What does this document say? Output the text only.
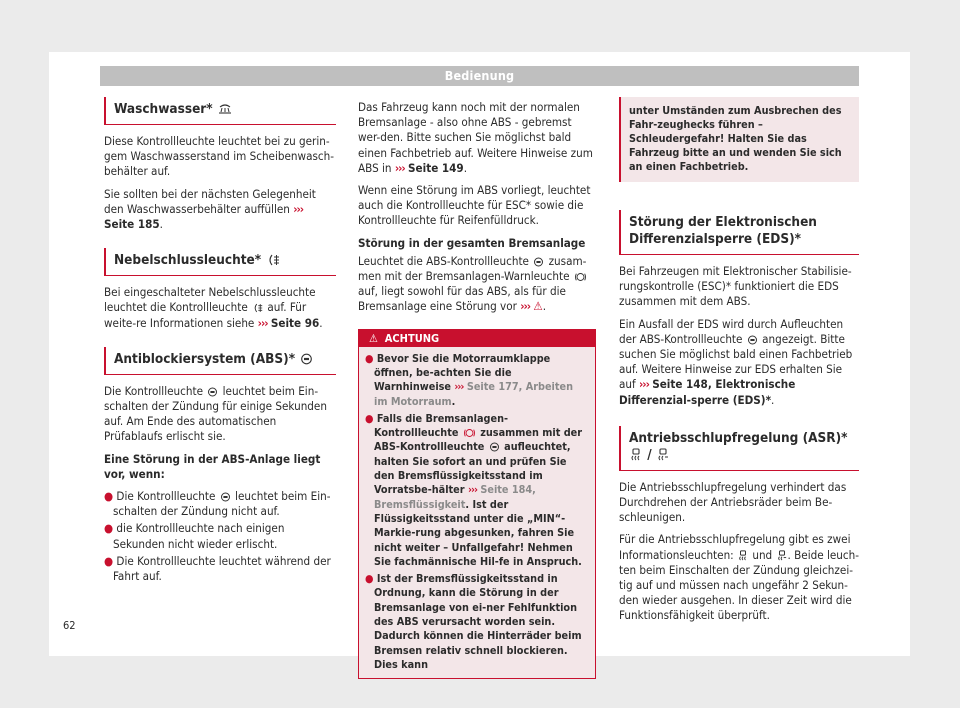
Bedienung
Waschwasser*

Diese Kontrollleuchte leuchtet bei zu gerin-gem Waschwasserstand im Scheibenwasch-behälter auf.

Sie sollten bei der nächsten Gelegenheit den Waschwasserbehälter auffüllen ››› Seite 185.

Nebelschlussleuchte*

Bei eingeschalteter Nebelschlussleuchte leuchtet die Kontrollleuchte auf. Für weite-re Informationen siehe ››› Seite 96.

Antiblockiersystem (ABS)*

Die Kontrollleuchte leuchtet beim Ein-schalten der Zündung für einige Sekunden auf. Am Ende des automatischen Prüfablaufs erlischt sie.

Eine Störung in der ABS-Anlage liegt vor, wenn:

● Die Kontrollleuchte leuchtet beim Ein-schalten der Zündung nicht auf.

● die Kontrollleuchte nach einigen Sekunden nicht wieder erlischt.

● Die Kontrollleuchte leuchtet während der Fahrt auf.

Das Fahrzeug kann noch mit der normalen Bremsanlage - also ohne ABS - gebremst wer-den. Bitte suchen Sie möglichst bald einen Fachbetrieb auf. Weitere Hinweise zum ABS in ››› Seite 149.

Wenn eine Störung im ABS vorliegt, leuchtet auch die Kontrollleuchte für ESC* sowie die Kontrollleuchte für Reifenfülldruck.

Störung in der gesamten Bremsanlage

Leuchtet die ABS-Kontrollleuchte zusam-men mit der Bremsanlagen-Warnleuchte  auf, liegt sowohl für das ABS, als für die Bremsanlage eine Störung vor ››› ⚠.

⚠ ACHTUNG

● Bevor Sie die Motorraumklappe öffnen, be-achten Sie die Warnhinweise ››› Seite 177, Arbeiten im Motorraum.

● Falls die Bremsanlagen-Kontrollleuchte zusammen mit der ABS-Kontrollleuchte aufleuchtet, halten Sie sofort an und prüfen Sie den Bremsflüssigkeitsstand im Vorratsbe-hälter ››› Seite 184, Bremsflüssigkeit. Ist der Flüssigkeitsstand unter die „MIN“-Markie-rung abgesunken, fahren Sie nicht weiter – Unfallgefahr! Nehmen Sie fachmännische Hil-fe in Anspruch.

● Ist der Bremsflüssigkeitsstand in Ordnung, kann die Störung in der Bremsanlage von ei-ner Fehlfunktion des ABS verursacht worden sein. Dadurch können die Hinterräder beim Bremsen relativ schnell blockieren. Dies kann

unter Umständen zum Ausbrechen des Fahr-zeughecks führen – Schleudergefahr! Halten Sie das Fahrzeug bitte an und wenden Sie sich an einen Fachbetrieb.
Störung der Elektronischen Differenzialsperre (EDS)*

Bei Fahrzeugen mit Elektronischer Stabilisie-rungskontrolle (ESC)* funktioniert die EDS zusammen mit dem ABS.

Ein Ausfall der EDS wird durch Aufleuchten der ABS-Kontrollleuchte angezeigt. Bitte suchen Sie möglichst bald einen Fachbetrieb auf. Weitere Hinweise zur EDS erhalten Sie auf ››› Seite 148, Elektronische Differenzial-sperre (EDS)*.

Antriebsschlupfregelung (ASR)*  /

Die Antriebsschlupfregelung verhindert das Durchdrehen der Antriebsräder beim Be-schleunigen.

Für die Antriebsschlupfregelung gibt es zwei Informationsleuchten: und . Beide leuch-ten beim Einschalten der Zündung gleichzei-tig auf und müssen nach ungefähr 2 Sekun-den wieder ausgehen. In dieser Zeit wird die Funktionsfähigkeit überprüft.

62
